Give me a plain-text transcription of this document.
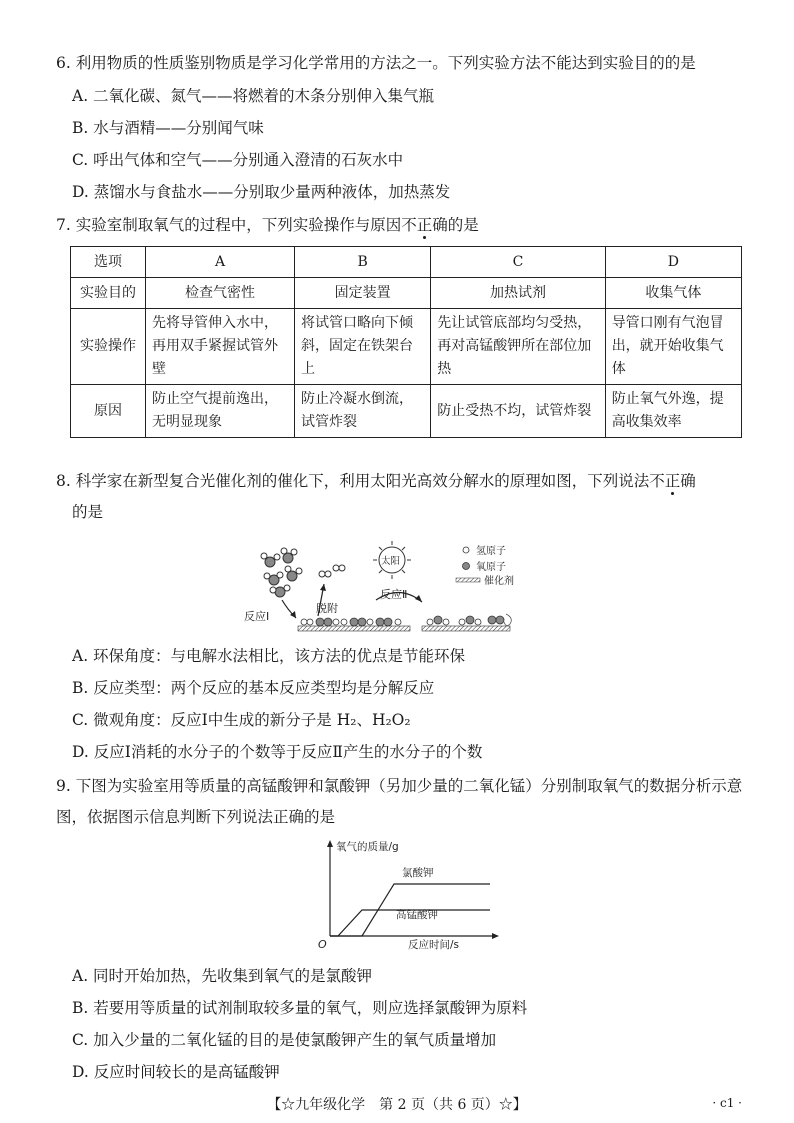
6. 利用物质的性质鉴别物质是学习化学常用的方法之一。下列实验方法不能达到实验目的的是
A. 二氧化碳、氮气——将燃着的木条分别伸入集气瓶
B. 水与酒精——分别闻气味
C. 呼出气体和空气——分别通入澄清的石灰水中
D. 蒸馏水与食盐水——分别取少量两种液体，加热蒸发
7. 实验室制取氧气的过程中，下列实验操作与原因不正确的是
选项	A	B	C	D
实验目的	检查气密性	固定装置	加热试剂	收集气体
实验操作	先将导管伸入水中，再用双手紧握试管外壁	将试管口略向下倾斜，固定在铁架台上	先让试管底部均匀受热，再对高锰酸钾所在部位加热	导管口刚有气泡冒出，就开始收集气体
原因	防止空气提前逸出，无明显现象	防止冷凝水倒流，试管炸裂	防止受热不均，试管炸裂	防止氧气外逸，提高收集效率
8. 科学家在新型复合光催化剂的催化下，利用太阳光高效分解水的原理如图，下列说法不正确
的是
反应Ⅰ
脱附
太阳
反应Ⅱ
氢原子
氧原子
催化剂
A. 环保角度：与电解水法相比，该方法的优点是节能环保
B. 反应类型：两个反应的基本反应类型均是分解反应
C. 微观角度：反应Ⅰ中生成的新分子是 H₂、H₂O₂
D. 反应Ⅰ消耗的水分子的个数等于反应Ⅱ产生的水分子的个数
9. 下图为实验室用等质量的高锰酸钾和氯酸钾（另加少量的二氧化锰）分别制取氧气的数据分析示意图，依据图示信息判断下列说法正确的是
氧气的质量/g
反应时间/s
O
氯酸钾
高锰酸钾
A. 同时开始加热，先收集到氧气的是氯酸钾
B. 若要用等质量的试剂制取较多量的氧气，则应选择氯酸钾为原料
C. 加入少量的二氧化锰的目的是使氯酸钾产生的氧气质量增加
D. 反应时间较长的是高锰酸钾
【☆九年级化学　第 2 页（共 6 页）☆】	· c1 ·
